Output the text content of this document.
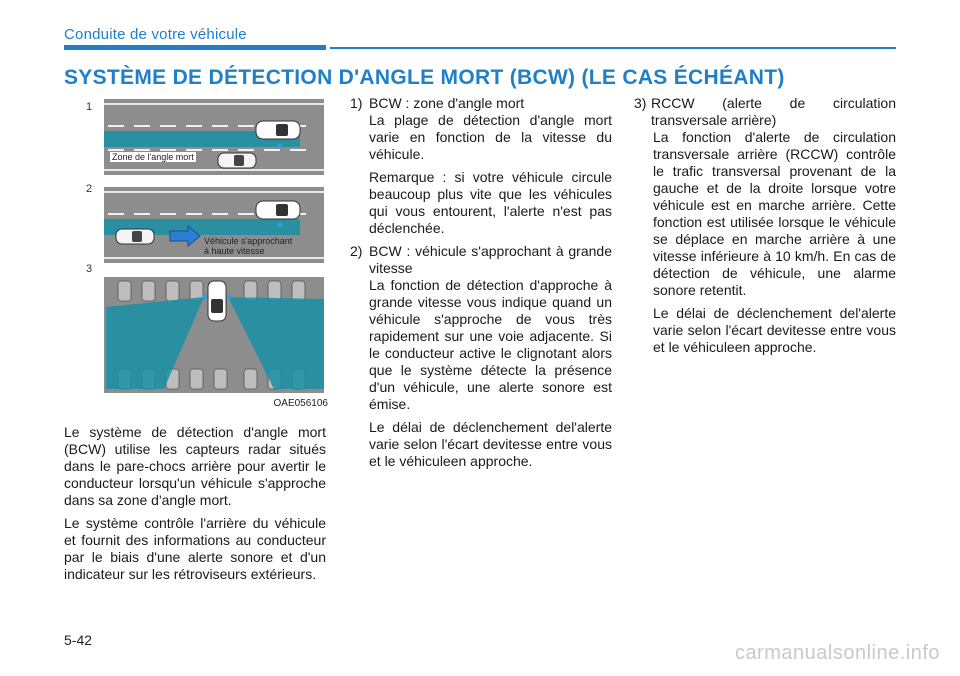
Conduite de votre véhicule
SYSTÈME DE DÉTECTION D'ANGLE MORT (BCW) (LE CAS ÉCHÉANT)
1
2
3
Zone de l'angle mort
Véhicule s'approchant
à haute vitesse
OAE056106

Le système de détection d'angle mort (BCW) utilise les capteurs radar situés dans le pare-chocs arrière pour avertir le conducteur lorsqu'un véhicule s'approche dans sa zone d'angle mort.

Le système contrôle l'arrière du véhicule et fournit des informations au conducteur par le biais d'une alerte sonore et d'un indicateur sur les rétroviseurs extérieurs.

1) BCW : zone d'angle mort

La plage de détection d'angle mort varie en fonction de la vitesse du véhicule.

Remarque : si votre véhicule circule beaucoup plus vite que les véhicules qui vous entourent, l'alerte n'est pas déclenchée.

2) BCW : véhicule s'approchant à grande vitesse

La fonction de détection d'approche à grande vitesse vous indique quand un véhicule s'approche de vous très rapidement sur une voie adjacente. Si le conducteur active le clignotant alors que le système détecte la présence d'un véhicule, une alerte sonore est émise.

Le délai de déclenchement del'alerte varie selon l'écart devitesse entre vous et le véhiculeen approche.

3) RCCW (alerte de circulation transversale arrière)

La fonction d'alerte de circulation transversale arrière (RCCW) contrôle le trafic transversal provenant de la gauche et de la droite lorsque votre véhicule est en marche arrière. Cette fonction est utilisée lorsque le véhicule se déplace en marche arrière à une vitesse inférieure à 10 km/h. En cas de détection de véhicule, une alarme sonore retentit.

Le délai de déclenchement del'alerte varie selon l'écart devitesse entre vous et le véhiculeen approche.

5-42
carmanualsonline.info
